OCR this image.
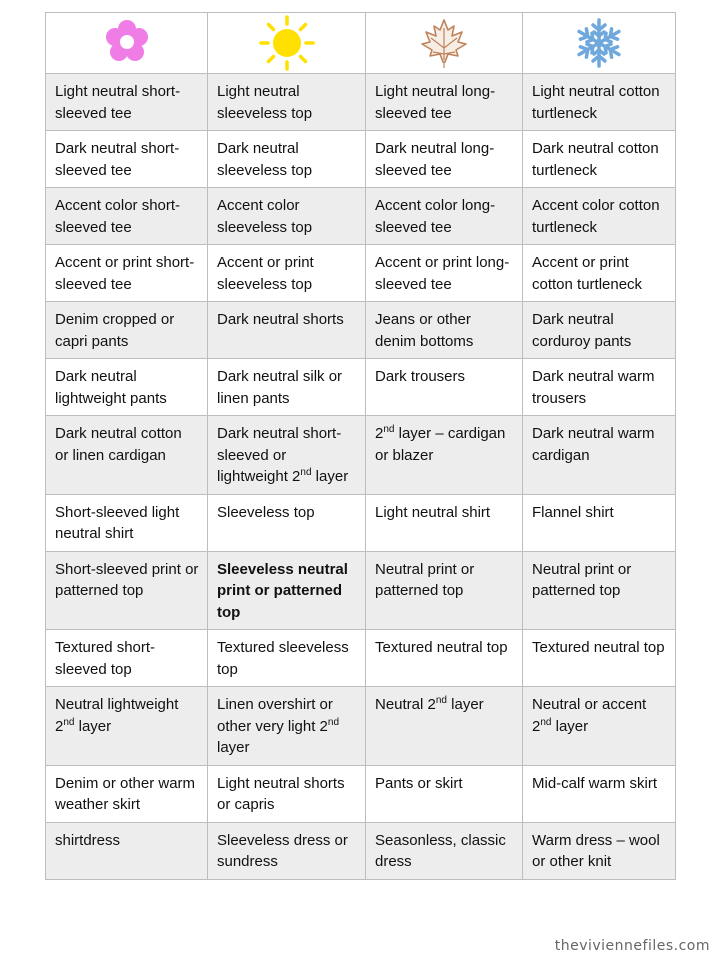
Light neutral short-sleeved tee	Light neutral sleeveless top	Light neutral long-sleeved tee	Light neutral cotton turtleneck
Dark neutral short-sleeved tee	Dark neutral sleeveless top	Dark neutral long-sleeved tee	Dark neutral cotton turtleneck
Accent color short-sleeved tee	Accent color sleeveless top	Accent color long-sleeved tee	Accent color cotton turtleneck
Accent or print short-sleeved tee	Accent or print sleeveless top	Accent or print long-sleeved tee	Accent or print cotton turtleneck
Denim cropped or capri pants	Dark neutral shorts	Jeans or other denim bottoms	Dark neutral corduroy pants
Dark neutral lightweight pants	Dark neutral silk or linen pants	Dark trousers	Dark neutral warm trousers
Dark neutral cotton or linen cardigan	Dark neutral short-sleeved or lightweight 2nd layer	2nd layer – cardigan or blazer	Dark neutral warm cardigan
Short-sleeved light neutral shirt	Sleeveless top	Light neutral shirt	Flannel shirt
Short-sleeved print or patterned top	Sleeveless neutral print or patterned top	Neutral print or patterned top	Neutral print or patterned top
Textured short-sleeved top	Textured sleeveless top	Textured neutral top	Textured neutral top
Neutral lightweight 2nd layer	Linen overshirt or other very light 2nd layer	Neutral 2nd layer	Neutral or accent 2nd layer
Denim or other warm weather skirt	Light neutral shorts or capris	Pants or skirt	Mid-calf warm skirt
shirtdress	Sleeveless dress or sundress	Seasonless, classic dress	Warm dress – wool or other knit
theviviennefiles.com
